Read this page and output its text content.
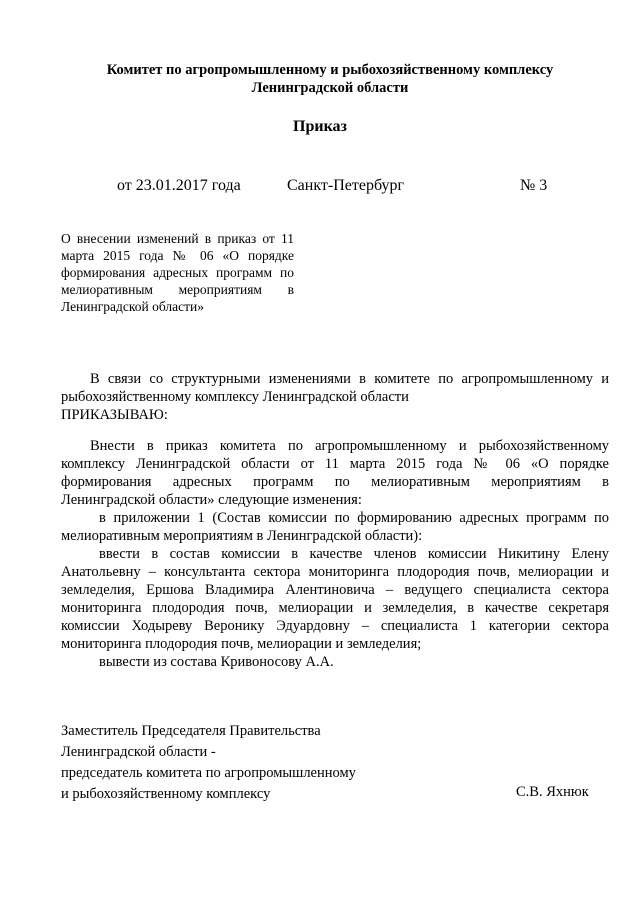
Комитет по агропромышленному и рыбохозяйственному комплексу
Ленинградской области
Приказ
от 23.01.2017 года	Санкт-Петербург	№ 3
О внесении изменений в приказ от 11
марта 2015 года № 06 «О порядке
формирования адресных программ по
мелиоративным мероприятиям в
Ленинградской области»
В связи со структурными изменениями в комитете по агропромышленному и
рыбохозяйственному комплексу Ленинградской области
ПРИКАЗЫВАЮ:
Внести в приказ комитета по агропромышленному и рыбохозяйственному
комплексу Ленинградской области от 11 марта 2015 года № 06 «О порядке
формирования адресных программ по мелиоративным мероприятиям в
Ленинградской области» следующие изменения:
в приложении 1 (Состав комиссии по формированию адресных программ по
мелиоративным мероприятиям в Ленинградской области):
ввести в состав комиссии в качестве членов комиссии Никитину Елену
Анатольевну – консультанта сектора мониторинга плодородия почв, мелиорации и
земледелия, Ершова Владимира Алентиновича – ведущего специалиста сектора
мониторинга плодородия почв, мелиорации и земледелия, в качестве секретаря
комиссии Ходыреву Веронику Эдуардовну – специалиста 1 категории сектора
мониторинга плодородия почв, мелиорации и земледелия;
вывести из состава Кривоносову А.А.
Заместитель Председателя Правительства
Ленинградской области -
председатель комитета по агропромышленному
и рыбохозяйственному комплексу	С.В. Яхнюк
